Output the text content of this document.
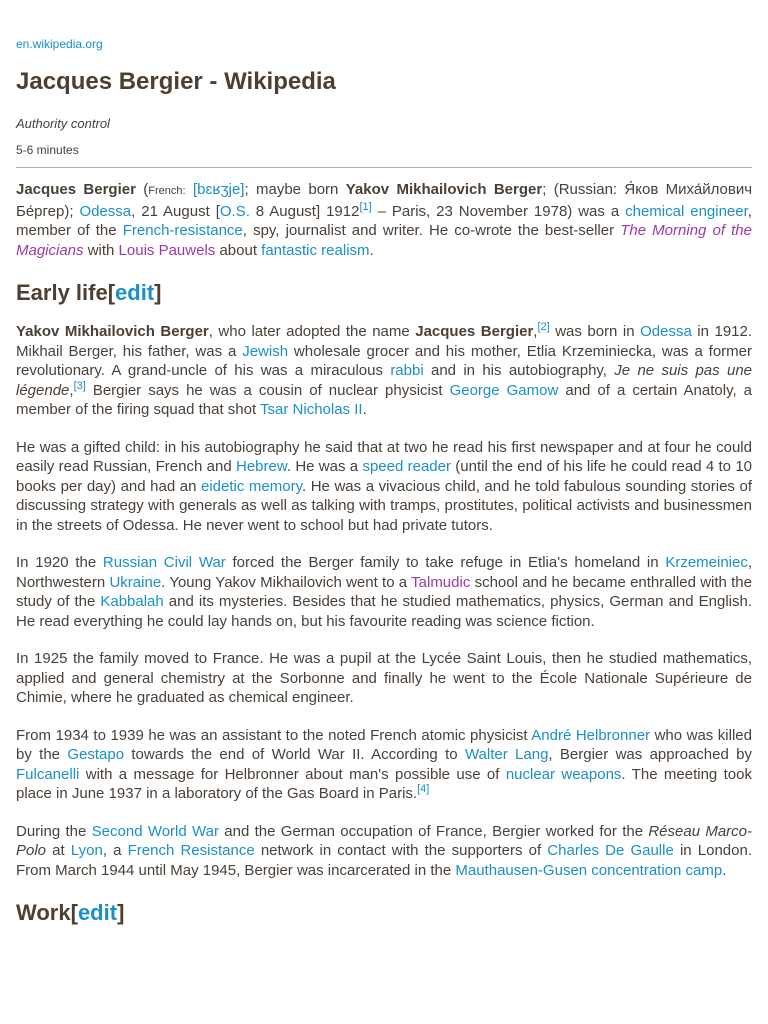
en.wikipedia.org
Jacques Bergier - Wikipedia
Authority control
5-6 minutes

Jacques Bergier (French: [bɛʁʒje]; maybe born Yakov Mikhailovich Berger; (Russian: Я́ков Миха́йлович Бе́ргер); Odessa, 21 August [O.S. 8 August] 1912[1] – Paris, 23 November 1978) was a chemical engineer, member of the French-resistance, spy, journalist and writer. He co-wrote the best-seller The Morning of the Magicians with Louis Pauwels about fantastic realism.

Early life[edit]

Yakov Mikhailovich Berger, who later adopted the name Jacques Bergier,[2] was born in Odessa in 1912. Mikhail Berger, his father, was a Jewish wholesale grocer and his mother, Etlia Krzeminiecka, was a former revolutionary. A grand-uncle of his was a miraculous rabbi and in his autobiography, Je ne suis pas une légende,[3] Bergier says he was a cousin of nuclear physicist George Gamow and of a certain Anatoly, a member of the firing squad that shot Tsar Nicholas II.

He was a gifted child: in his autobiography he said that at two he read his first newspaper and at four he could easily read Russian, French and Hebrew. He was a speed reader (until the end of his life he could read 4 to 10 books per day) and had an eidetic memory. He was a vivacious child, and he told fabulous sounding stories of discussing strategy with generals as well as talking with tramps, prostitutes, political activists and businessmen in the streets of Odessa. He never went to school but had private tutors.

In 1920 the Russian Civil War forced the Berger family to take refuge in Etlia's homeland in Krzemeiniec, Northwestern Ukraine. Young Yakov Mikhailovich went to a Talmudic school and he became enthralled with the study of the Kabbalah and its mysteries. Besides that he studied mathematics, physics, German and English. He read everything he could lay hands on, but his favourite reading was science fiction.

In 1925 the family moved to France. He was a pupil at the Lycée Saint Louis, then he studied mathematics, applied and general chemistry at the Sorbonne and finally he went to the École Nationale Supérieure de Chimie, where he graduated as chemical engineer.

From 1934 to 1939 he was an assistant to the noted French atomic physicist André Helbronner who was killed by the Gestapo towards the end of World War II. According to Walter Lang, Bergier was approached by Fulcanelli with a message for Helbronner about man's possible use of nuclear weapons. The meeting took place in June 1937 in a laboratory of the Gas Board in Paris.[4]

During the Second World War and the German occupation of France, Bergier worked for the Réseau Marco-Polo at Lyon, a French Resistance network in contact with the supporters of Charles De Gaulle in London. From March 1944 until May 1945, Bergier was incarcerated in the Mauthausen-Gusen concentration camp.

Work[edit]
